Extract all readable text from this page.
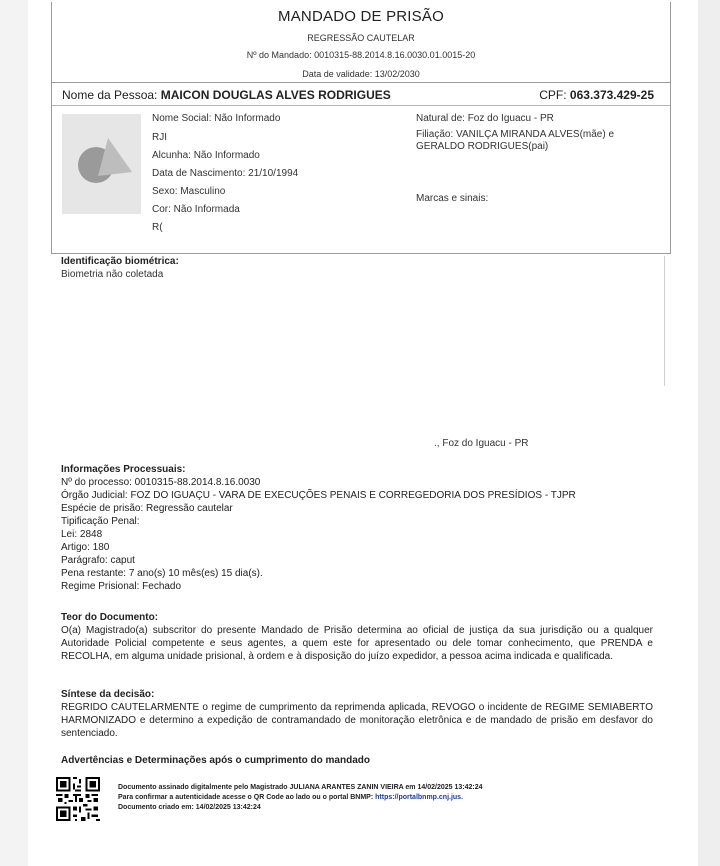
MANDADO DE PRISÃO
REGRESSÃO CAUTELAR
Nº do Mandado: 0010315-88.2014.8.16.0030.01.0015-20
Data de validade: 13/02/2030
Nome da Pessoa: MAICON DOUGLAS ALVES RODRIGUES	CPF: 063.373.429-25
Nome Social: Não Informado
RJI
Alcunha: Não Informado
Data de Nascimento: 21/10/1994
Sexo: Masculino
Cor: Não Informada
R(
Natural de: Foz do Iguacu - PR
Filiação: VANILÇA MIRANDA ALVES(mãe) e
GERALDO RODRIGUES(pai)
Marcas e sinais:
Identificação biométrica:
Biometria não coletada
., Foz do Iguacu - PR
Informações Processuais:
Nº do processo: 0010315-88.2014.8.16.0030
Órgão Judicial: FOZ DO IGUAÇU - VARA DE EXECUÇÕES PENAIS E CORREGEDORIA DOS PRESÍDIOS - TJPR
Espécie de prisão: Regressão cautelar
Tipificação Penal:
Lei: 2848
Artigo: 180
Parágrafo: caput
Pena restante: 7 ano(s) 10 mês(es) 15 dia(s).
Regime Prisional: Fechado
Teor do Documento:
O(a) Magistrado(a) subscritor do presente Mandado de Prisão determina ao oficial de justiça da sua jurisdição ou a qualquer Autoridade Policial competente e seus agentes, a quem este for apresentado ou dele tomar conhecimento, que PRENDA e RECOLHA, em alguma unidade prisional, à ordem e à disposição do juízo expedidor, a pessoa acima indicada e qualificada.
Síntese da decisão:
REGRIDO CAUTELARMENTE o regime de cumprimento da reprimenda aplicada, REVOGO o incidente de REGIME SEMIABERTO HARMONIZADO e determino a expedição de contramandado de monitoração eletrônica e de mandado de prisão em desfavor do sentenciado.
Advertências e Determinações após o cumprimento do mandado
Documento assinado digitalmente pelo Magistrado JULIANA ARANTES ZANIN VIEIRA em 14/02/2025 13:42:24
Para confirmar a autenticidade acesse o QR Code ao lado ou o portal BNMP: https://portalbnmp.cnj.jus.
Documento criado em: 14/02/2025 13:42:24
